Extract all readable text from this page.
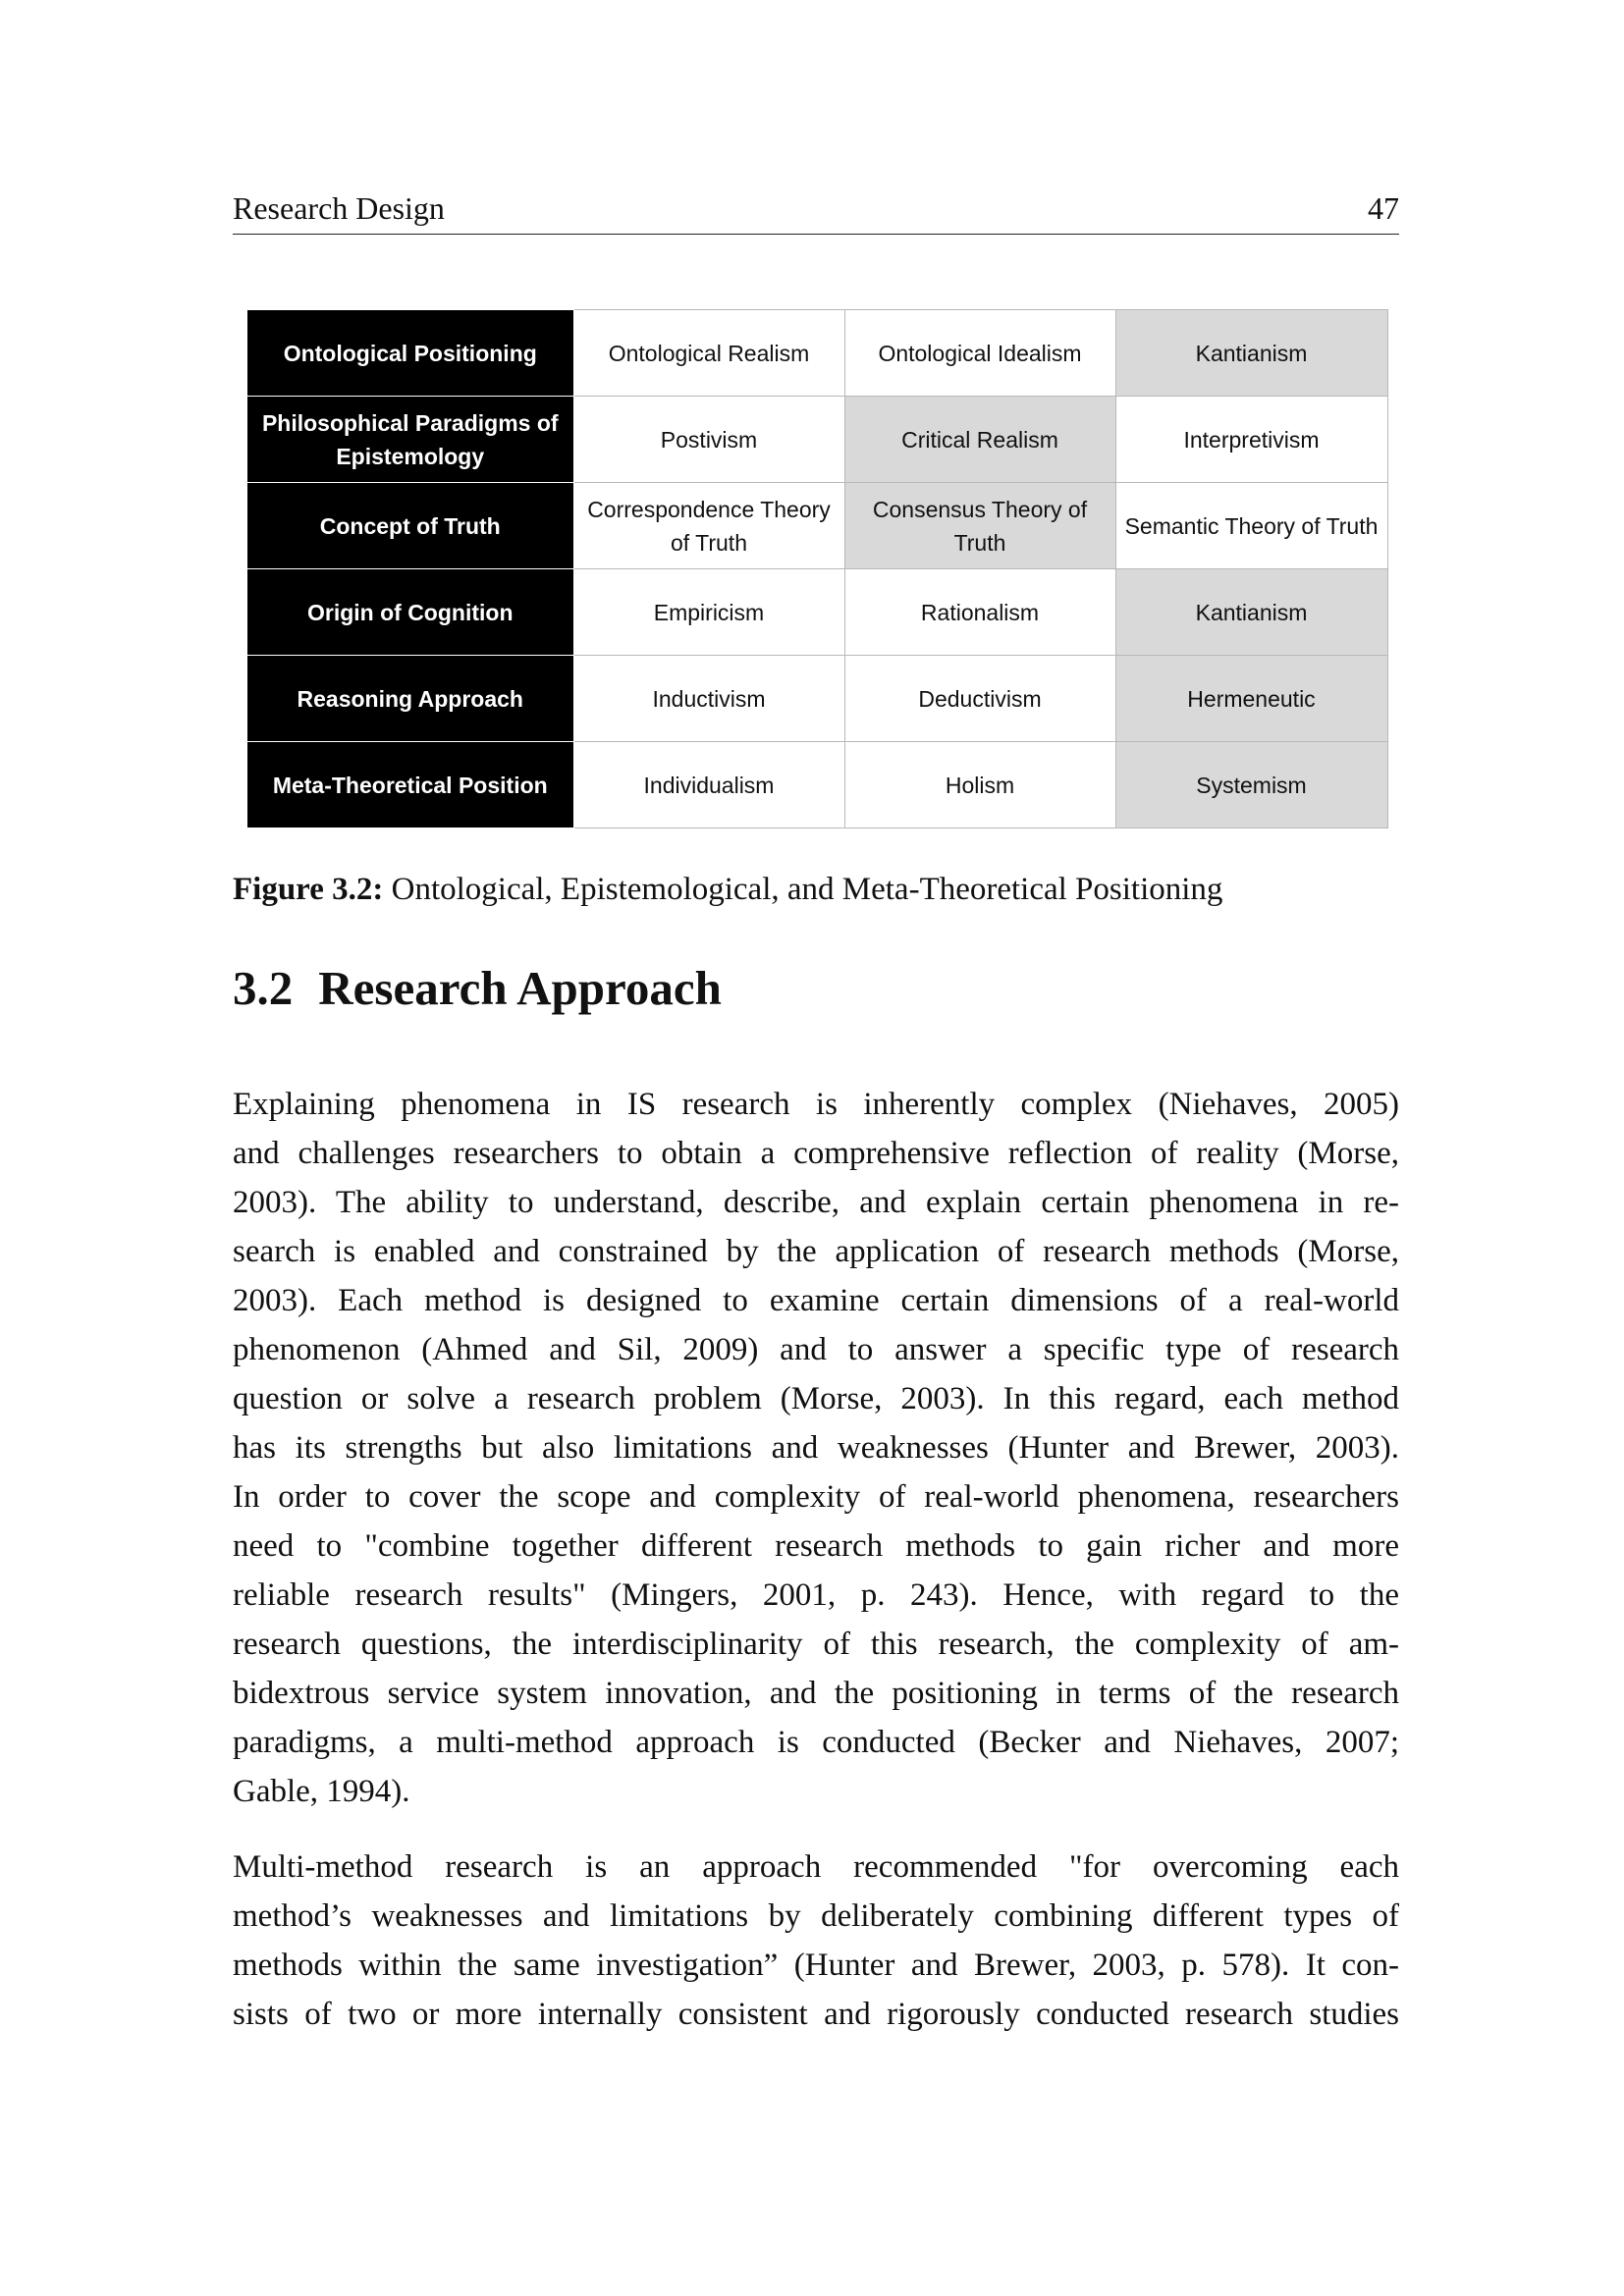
Research Design	47
Ontological Positioning	Ontological Realism	Ontological Idealism	Kantianism
Philosophical Paradigms of Epistemology	Postivism	Critical Realism	Interpretivism
Concept of Truth	Correspondence Theory of Truth	Consensus Theory of Truth	Semantic Theory of Truth
Origin of Cognition	Empiricism	Rationalism	Kantianism
Reasoning Approach	Inductivism	Deductivism	Hermeneutic
Meta-Theoretical Position	Individualism	Holism	Systemism
Figure 3.2: Ontological, Epistemological, and Meta-Theoretical Positioning
3.2 Research Approach
Explaining phenomena in IS research is inherently complex (Niehaves, 2005)
and challenges researchers to obtain a comprehensive reflection of reality (Morse,
2003). The ability to understand, describe, and explain certain phenomena in re-
search is enabled and constrained by the application of research methods (Morse,
2003). Each method is designed to examine certain dimensions of a real-world
phenomenon (Ahmed and Sil, 2009) and to answer a specific type of research
question or solve a research problem (Morse, 2003). In this regard, each method
has its strengths but also limitations and weaknesses (Hunter and Brewer, 2003).
In order to cover the scope and complexity of real-world phenomena, researchers
need to "combine together different research methods to gain richer and more
reliable research results" (Mingers, 2001, p. 243). Hence, with regard to the
research questions, the interdisciplinarity of this research, the complexity of am-
bidextrous service system innovation, and the positioning in terms of the research
paradigms, a multi-method approach is conducted (Becker and Niehaves, 2007;
Gable, 1994).
Multi-method research is an approach recommended "for overcoming each
method’s weaknesses and limitations by deliberately combining different types of
methods within the same investigation” (Hunter and Brewer, 2003, p. 578). It con-
sists of two or more internally consistent and rigorously conducted research studies
